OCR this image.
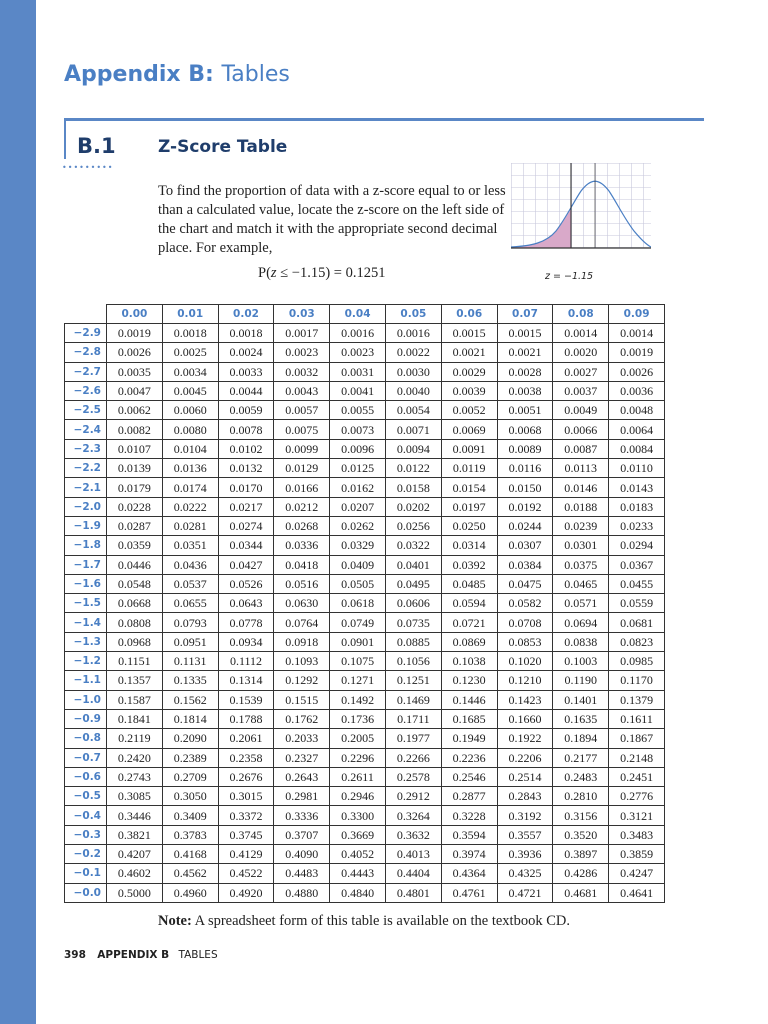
Appendix B: Tables
•••••••••
B.1 Z-Score Table

To find the proportion of data with a z-score equal to or less than a calculated value, locate the z-score on the left side of the chart and match it with the appropriate second decimal place. For example,

P(z ≤ −1.15) = 0.1251	z = −1.15
	0.00	0.01	0.02	0.03	0.04	0.05	0.06	0.07	0.08	0.09
−2.9	0.0019	0.0018	0.0018	0.0017	0.0016	0.0016	0.0015	0.0015	0.0014	0.0014
−2.8	0.0026	0.0025	0.0024	0.0023	0.0023	0.0022	0.0021	0.0021	0.0020	0.0019
−2.7	0.0035	0.0034	0.0033	0.0032	0.0031	0.0030	0.0029	0.0028	0.0027	0.0026
−2.6	0.0047	0.0045	0.0044	0.0043	0.0041	0.0040	0.0039	0.0038	0.0037	0.0036
−2.5	0.0062	0.0060	0.0059	0.0057	0.0055	0.0054	0.0052	0.0051	0.0049	0.0048
−2.4	0.0082	0.0080	0.0078	0.0075	0.0073	0.0071	0.0069	0.0068	0.0066	0.0064
−2.3	0.0107	0.0104	0.0102	0.0099	0.0096	0.0094	0.0091	0.0089	0.0087	0.0084
−2.2	0.0139	0.0136	0.0132	0.0129	0.0125	0.0122	0.0119	0.0116	0.0113	0.0110
−2.1	0.0179	0.0174	0.0170	0.0166	0.0162	0.0158	0.0154	0.0150	0.0146	0.0143
−2.0	0.0228	0.0222	0.0217	0.0212	0.0207	0.0202	0.0197	0.0192	0.0188	0.0183
−1.9	0.0287	0.0281	0.0274	0.0268	0.0262	0.0256	0.0250	0.0244	0.0239	0.0233
−1.8	0.0359	0.0351	0.0344	0.0336	0.0329	0.0322	0.0314	0.0307	0.0301	0.0294
−1.7	0.0446	0.0436	0.0427	0.0418	0.0409	0.0401	0.0392	0.0384	0.0375	0.0367
−1.6	0.0548	0.0537	0.0526	0.0516	0.0505	0.0495	0.0485	0.0475	0.0465	0.0455
−1.5	0.0668	0.0655	0.0643	0.0630	0.0618	0.0606	0.0594	0.0582	0.0571	0.0559
−1.4	0.0808	0.0793	0.0778	0.0764	0.0749	0.0735	0.0721	0.0708	0.0694	0.0681
−1.3	0.0968	0.0951	0.0934	0.0918	0.0901	0.0885	0.0869	0.0853	0.0838	0.0823
−1.2	0.1151	0.1131	0.1112	0.1093	0.1075	0.1056	0.1038	0.1020	0.1003	0.0985
−1.1	0.1357	0.1335	0.1314	0.1292	0.1271	0.1251	0.1230	0.1210	0.1190	0.1170
−1.0	0.1587	0.1562	0.1539	0.1515	0.1492	0.1469	0.1446	0.1423	0.1401	0.1379
−0.9	0.1841	0.1814	0.1788	0.1762	0.1736	0.1711	0.1685	0.1660	0.1635	0.1611
−0.8	0.2119	0.2090	0.2061	0.2033	0.2005	0.1977	0.1949	0.1922	0.1894	0.1867
−0.7	0.2420	0.2389	0.2358	0.2327	0.2296	0.2266	0.2236	0.2206	0.2177	0.2148
−0.6	0.2743	0.2709	0.2676	0.2643	0.2611	0.2578	0.2546	0.2514	0.2483	0.2451
−0.5	0.3085	0.3050	0.3015	0.2981	0.2946	0.2912	0.2877	0.2843	0.2810	0.2776
−0.4	0.3446	0.3409	0.3372	0.3336	0.3300	0.3264	0.3228	0.3192	0.3156	0.3121
−0.3	0.3821	0.3783	0.3745	0.3707	0.3669	0.3632	0.3594	0.3557	0.3520	0.3483
−0.2	0.4207	0.4168	0.4129	0.4090	0.4052	0.4013	0.3974	0.3936	0.3897	0.3859
−0.1	0.4602	0.4562	0.4522	0.4483	0.4443	0.4404	0.4364	0.4325	0.4286	0.4247
−0.0	0.5000	0.4960	0.4920	0.4880	0.4840	0.4801	0.4761	0.4721	0.4681	0.4641
Note: A spreadsheet form of this table is available on the textbook CD.
398 APPENDIX B TABLES
